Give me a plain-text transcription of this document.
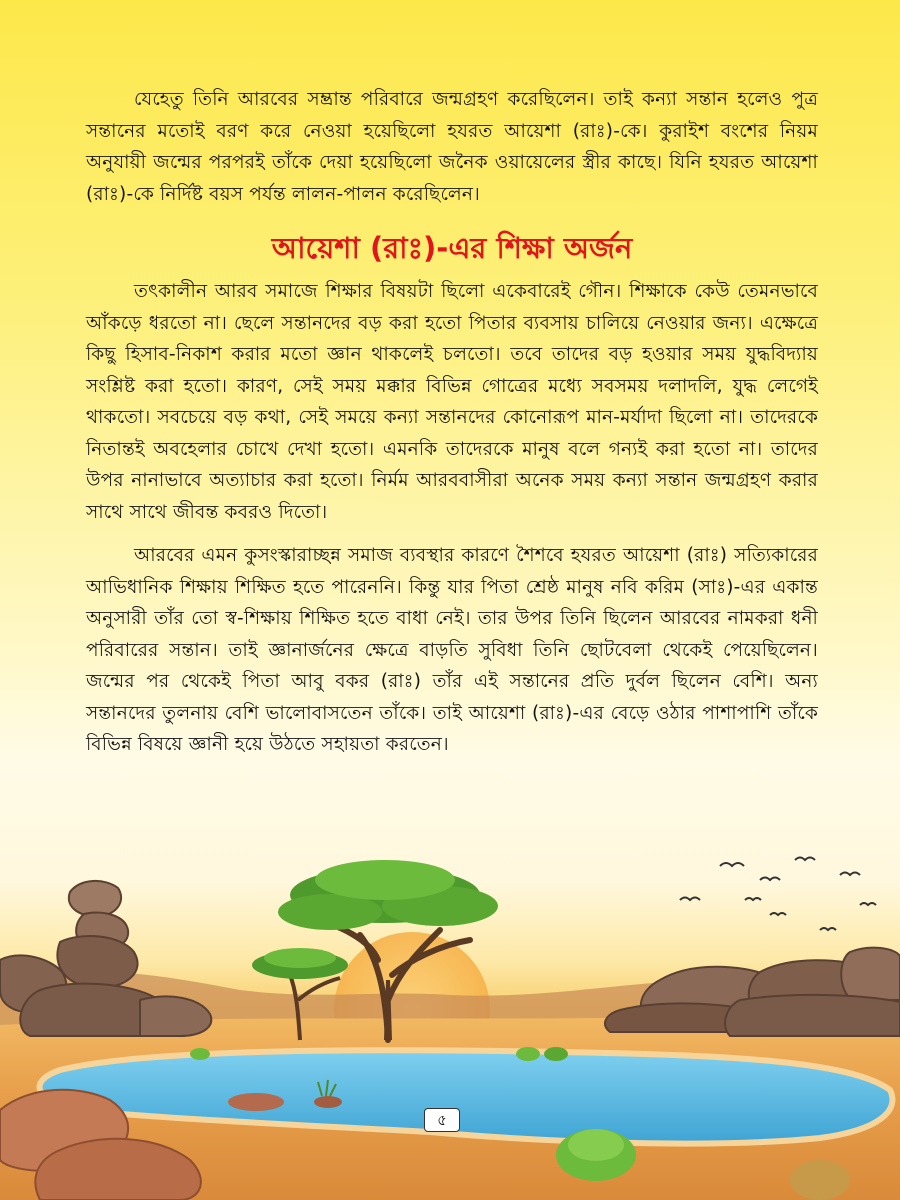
যেহেতু তিনি আরবের সম্ভ্রান্ত পরিবারে জন্মগ্রহণ করেছিলেন। তাই কন্যা সন্তান হলেও পুত্র সন্তানের মতোই বরণ করে নেওয়া হয়েছিলো হযরত আয়েশা (রাঃ)-কে। কুরাইশ বংশের নিয়ম অনুযায়ী জন্মের পরপরই তাঁকে দেয়া হয়েছিলো জনৈক ওয়ায়েলের স্ত্রীর কাছে। যিনি হযরত আয়েশা (রাঃ)-কে নির্দিষ্ট বয়স পর্যন্ত লালন-পালন করেছিলেন।

আয়েশা (রাঃ)-এর শিক্ষা অর্জন

তৎকালীন আরব সমাজে শিক্ষার বিষয়টা ছিলো একেবারেই গৌন। শিক্ষাকে কেউ তেমনভাবে আঁকড়ে ধরতো না। ছেলে সন্তানদের বড় করা হতো পিতার ব্যবসায় চালিয়ে নেওয়ার জন্য। এক্ষেত্রে কিছু হিসাব-নিকাশ করার মতো জ্ঞান থাকলেই চলতো। তবে তাদের বড় হওয়ার সময় যুদ্ধবিদ্যায় সংশ্লিষ্ট করা হতো। কারণ, সেই সময় মক্কার বিভিন্ন গোত্রের মধ্যে সবসময় দলাদলি, যুদ্ধ লেগেই থাকতো। সবচেয়ে বড় কথা, সেই সময়ে কন্যা সন্তানদের কোনোরূপ মান-মর্যাদা ছিলো না। তাদেরকে নিতান্তই অবহেলার চোখে দেখা হতো। এমনকি তাদেরকে মানুষ বলে গন্যই করা হতো না। তাদের উপর নানাভাবে অত্যাচার করা হতো। নির্মম আরববাসীরা অনেক সময় কন্যা সন্তান জন্মগ্রহণ করার সাথে সাথে জীবন্ত কবরও দিতো।

আরবের এমন কুসংস্কারাচ্ছন্ন সমাজ ব্যবস্থার কারণে শৈশবে হযরত আয়েশা (রাঃ) সত্যিকারের আভিধানিক শিক্ষায় শিক্ষিত হতে পারেননি। কিন্তু যার পিতা শ্রেষ্ঠ মানুষ নবি করিম (সাঃ)-এর একান্ত অনুসারী তাঁর তো স্ব-শিক্ষায় শিক্ষিত হতে বাধা নেই। তার উপর তিনি ছিলেন আরবের নামকরা ধনী পরিবারের সন্তান। তাই জ্ঞানার্জনের ক্ষেত্রে বাড়তি সুবিধা তিনি ছোটবেলা থেকেই পেয়েছিলেন। জন্মের পর থেকেই পিতা আবু বকর (রাঃ) তাঁর এই সন্তানের প্রতি দুর্বল ছিলেন বেশি। অন্য সন্তানদের তুলনায় বেশি ভালোবাসতেন তাঁকে। তাই আয়েশা (রাঃ)-এর বেড়ে ওঠার পাশাপাশি তাঁকে বিভিন্ন বিষয়ে জ্ঞানী হয়ে উঠতে সহায়তা করতেন।

৫
